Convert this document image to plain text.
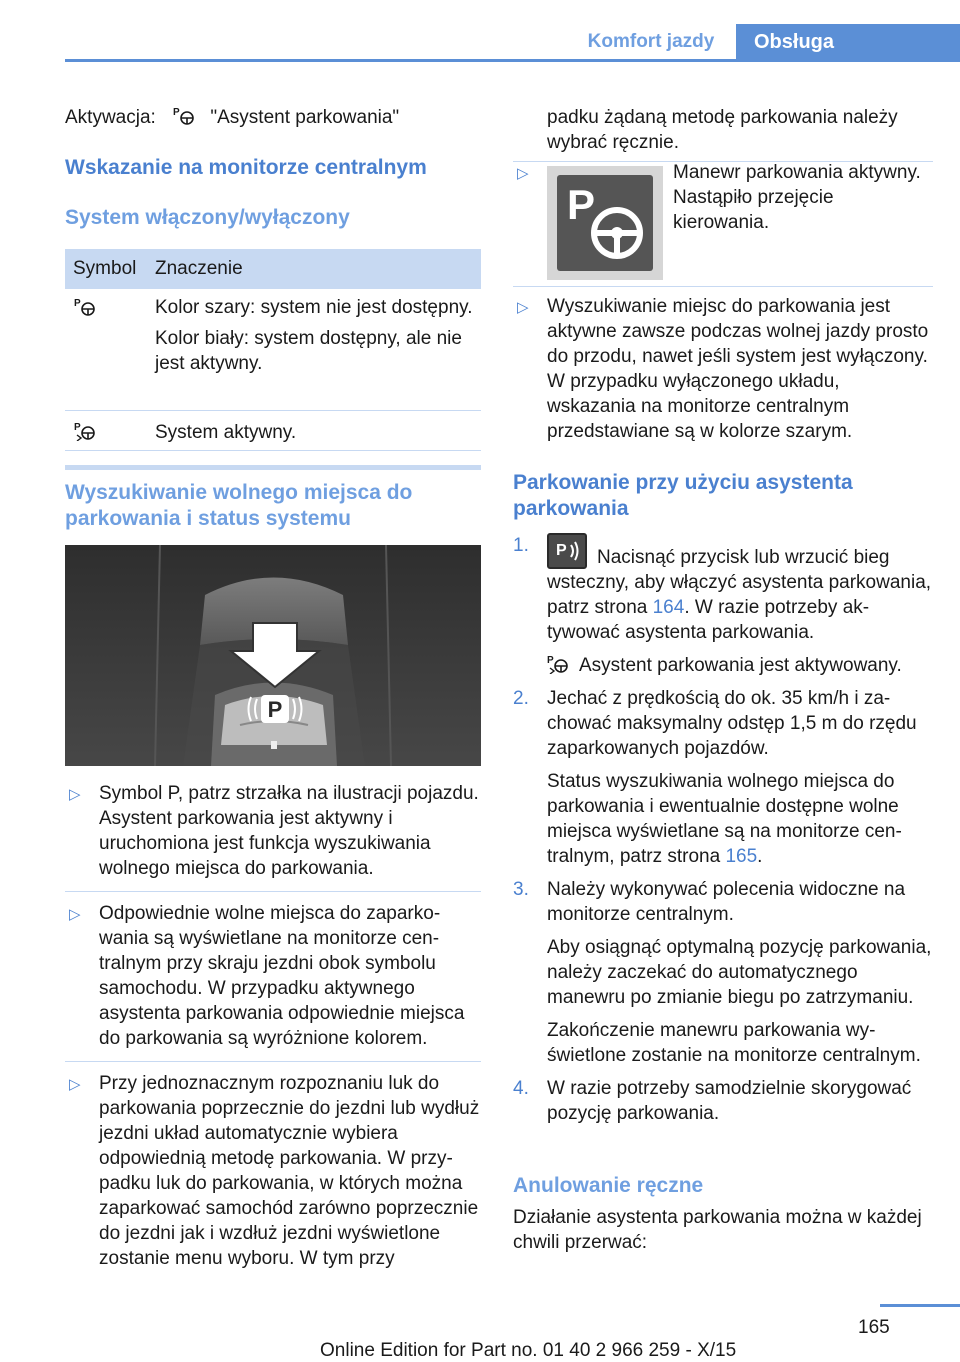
Komfort jazdy	Obsługa
Aktywacja: P "Asystent parkowania"
Wskazanie na monitorze centralnym
System włączony/wyłączony
Symbol Znaczenie
P	Kolor szary: system nie jest dostępny.
Kolor biały: system dostępny, ale nie jest aktywny.
P	System aktywny.
Wyszukiwanie wolnego miejsca do parkowania i status systemu
P
▷ Symbol P, patrz strzałka na ilustracji pojazdu. Asystent parkowania jest aktywny i uruchomiona jest funkcja wyszukiwania wolnego miejsca do parkowania.
▷ Odpowiednie wolne miejsca do zaparkowania są wyświetlane na monitorze centralnym przy skraju jezdni obok symbolu samochodu. W przypadku aktywnego asystenta parkowania odpowiednie miejsca do parkowania są wyróżnione kolorem.
▷ Przy jednoznacznym rozpoznaniu luk do parkowania poprzecznie do jezdni lub wydłuż jezdni układ automatycznie wybiera odpowiednią metodę parkowania. W przypadku luk do parkowania, w których można zaparkować samochód zarówno poprzecznie do jezdni jak i wzdłuż jezdni wyświetlone zostanie menu wyboru. W tym przy
padku żądaną metodę parkowania należy wybrać ręcznie.
▷
P
Manewr parkowania aktywny. Nastąpiło przejęcie kierowania.
▷ Wyszukiwanie miejsc do parkowania jest aktywne zawsze podczas wolnej jazdy prosto do przodu, nawet jeśli system jest wyłączony. W przypadku wyłączonego układu, wskazania na monitorze centralnym przedstawiane są w kolorze szarym.
Parkowanie przy użyciu asystenta parkowania
1. P Nacisnąć przycisk lub wrzucić bieg wsteczny, aby włączyć asystenta parkowania, patrz strona 164. W razie potrzeby aktywować asystenta parkowania.
P Asystent parkowania jest aktywowany.
2. Jechać z prędkością do ok. 35 km/h i zachować maksymalny odstęp 1,5 m do rzędu zaparkowanych pojazdów.
Status wyszukiwania wolnego miejsca do parkowania i ewentualnie dostępne wolne miejsca wyświetlane są na monitorze centralnym, patrz strona 165.
3. Należy wykonywać polecenia widoczne na monitorze centralnym.
Aby osiągnąć optymalną pozycję parkowania, należy zaczekać do automatycznego manewru po zmianie biegu po zatrzymaniu.
Zakończenie manewru parkowania wyświetlone zostanie na monitorze centralnym.
4. W razie potrzeby samodzielnie skorygować pozycję parkowania.
Anulowanie ręczne
Działanie asystenta parkowania można w każdej chwili przerwać:
165
Online Edition for Part no. 01 40 2 966 259 - X/15
